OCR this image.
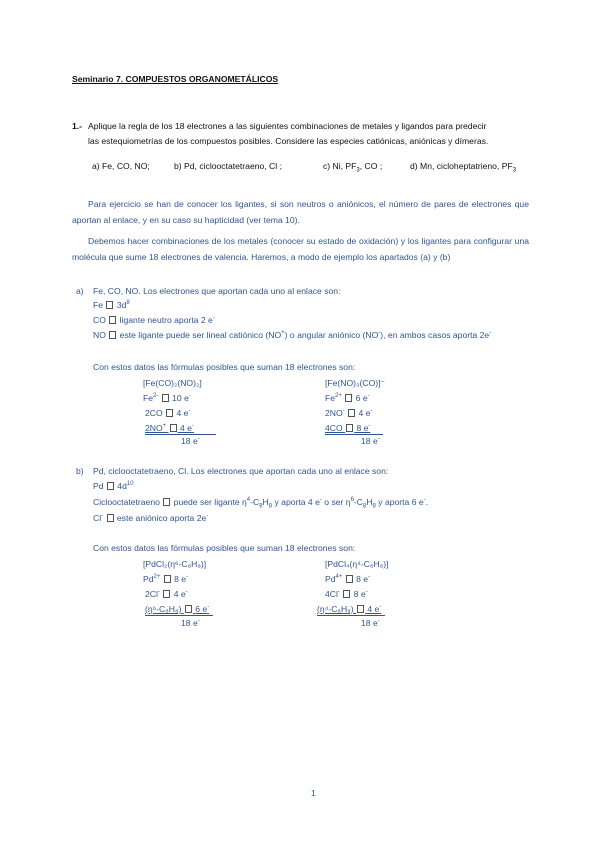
Seminario 7. COMPUESTOS ORGANOMETÁLICOS
1.- Aplique la regla de los 18 electrones a las siguientes combinaciones de metales y ligandos para predecir
las estequiometrías de los compuestos posibles. Considere las especies catiónicas, aniónicas y dímeras.
a) Fe, CO, NO;	b) Pd, ciclooctatetraeno, Cl ;	c) Ni, $PF_3$, CO ;	d) Mn, cicloheptatrieno, $PF_3$
Para ejercicio se han de conocer los ligantes, si son neutros o aniónicos, el número de pares de electrones que aportan al enlace, y en su caso su hapticidad (ver tema 10).
Debemos hacer combinaciones de los metales (conocer su estado de oxidación) y los ligantes para configurar una molécula que sume 18 electrones de valencia. Haremos, a modo de ejemplo los apartados (a) y (b)
a) Fe, CO, NO. Los electrones que aportan cada uno al enlace son:
Fe $3d^8$
CO ligante neutro aporta 2 e-
NO este ligante puede ser lineal catiónico (NO+) o angular aniónico (NO-), en ambos casos aporta 2e-
Con estos datos las fórmulas posibles que suman 18 electrones son:
[Fe(CO)₂(NO)₂]
$Fe^{2-}$ 10 e-
2CO 4 e-
2NO+ 4 e-
18 e-
[Fe(NO)₃(CO)]⁻
$Fe^{2+}$ 6 e-
2NO- 4 e-
4CO 8 e-
18 e-
b) Pd, ciclooctatetraeno, Cl. Los electrones que aportan cada uno al enlace son:
Pd $4d^{10}$
Ciclooctatetraeno puede ser ligante $\eta^4-C_8H_8$ y aporta 4 e- o ser $\eta^6-C_8H_8$ y aporta 6 e-.
Cl- este aniónico aporta 2e-
Con estos datos las fórmulas posibles que suman 18 electrones son:
[PdCl₂(η⁶-C₈H₈)]
$Pd^{2+}$ 8 e-
2Cl- 4 e-
(η⁶-C₈H₈) 6 e-
18 e-
[PdCl₄(η⁴-C₈H₈)]
$Pd^{4+}$ 8 e-
4Cl- 8 e-
(η⁴-C₈H₈) 4 e-
18 e-
1
